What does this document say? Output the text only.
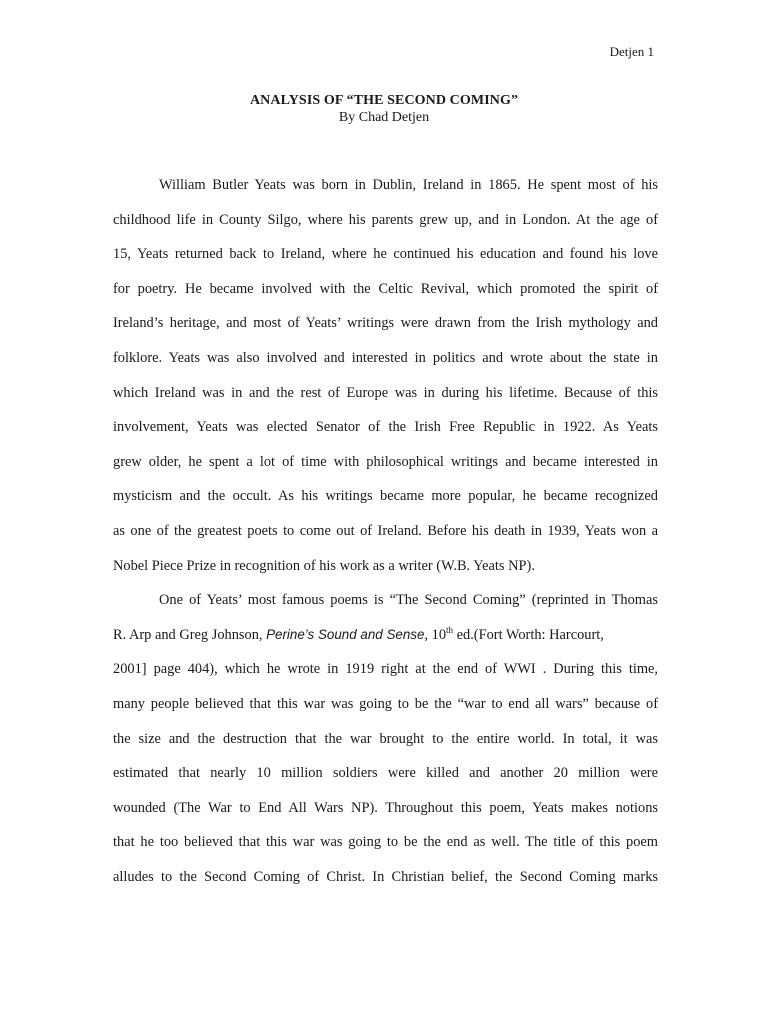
Detjen 1
ANALYSIS OF “THE SECOND COMING”
By Chad Detjen
William Butler Yeats was born in Dublin, Ireland in 1865. He spent most of his
childhood life in County Silgo, where his parents grew up, and in London. At the age of
15, Yeats returned back to Ireland, where he continued his education and found his love
for poetry. He became involved with the Celtic Revival, which promoted the spirit of
Ireland’s heritage, and most of Yeats’ writings were drawn from the Irish mythology and
folklore. Yeats was also involved and interested in politics and wrote about the state in
which Ireland was in and the rest of Europe was in during his lifetime. Because of this
involvement, Yeats was elected Senator of the Irish Free Republic in 1922. As Yeats
grew older, he spent a lot of time with philosophical writings and became interested in
mysticism and the occult. As his writings became more popular, he became recognized
as one of the greatest poets to come out of Ireland. Before his death in 1939, Yeats won a
Nobel Piece Prize in recognition of his work as a writer (W.B. Yeats NP).
One of Yeats’ most famous poems is “The Second Coming” (reprinted in Thomas
R. Arp and Greg Johnson, Perine’s Sound and Sense, 10th ed.(Fort Worth: Harcourt,
2001] page 404), which he wrote in 1919 right at the end of WWI . During this time,
many people believed that this war was going to be the “war to end all wars” because of
the size and the destruction that the war brought to the entire world. In total, it was
estimated that nearly 10 million soldiers were killed and another 20 million were
wounded (The War to End All Wars NP). Throughout this poem, Yeats makes notions
that he too believed that this war was going to be the end as well. The title of this poem
alludes to the Second Coming of Christ. In Christian belief, the Second Coming marks
